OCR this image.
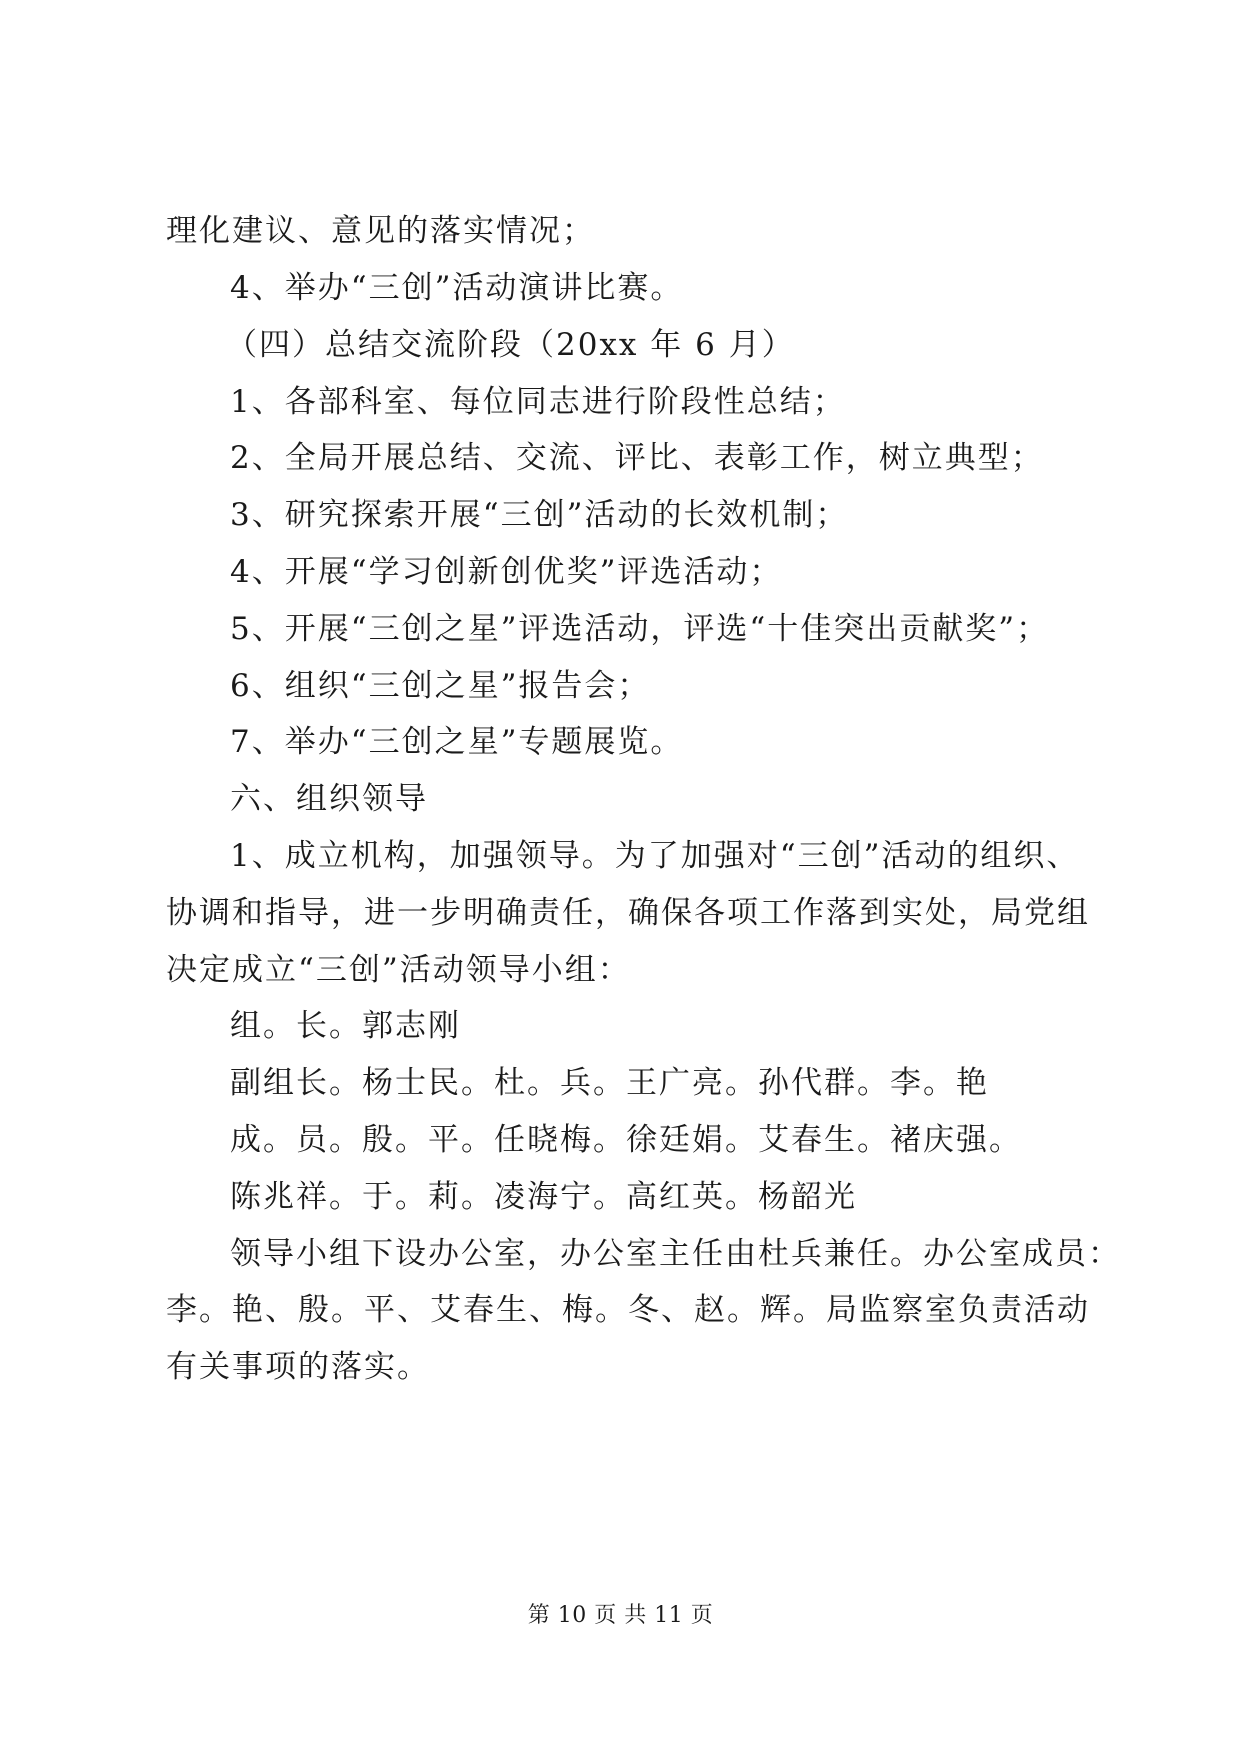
理化建议、意见的落实情况；
4、举办“三创”活动演讲比赛。
（四）总结交流阶段（20xx 年 6 月）
1、各部科室、每位同志进行阶段性总结；
2、全局开展总结、交流、评比、表彰工作，树立典型；
3、研究探索开展“三创”活动的长效机制；
4、开展“学习创新创优奖”评选活动；
5、开展“三创之星”评选活动，评选“十佳突出贡献奖”；
6、组织“三创之星”报告会；
7、举办“三创之星”专题展览。
六、组织领导
1、成立机构，加强领导。为了加强对“三创”活动的组织、
协调和指导，进一步明确责任，确保各项工作落到实处，局党组
决定成立“三创”活动领导小组：
组。长。郭志刚
副组长。杨士民。杜。兵。王广亮。孙代群。李。艳
成。员。殷。平。任晓梅。徐廷娟。艾春生。褚庆强。
陈兆祥。于。莉。凌海宁。高红英。杨韶光
领导小组下设办公室，办公室主任由杜兵兼任。办公室成员：
李。艳、殷。平、艾春生、梅。冬、赵。辉。局监察室负责活动
有关事项的落实。
第 10 页 共 11 页
